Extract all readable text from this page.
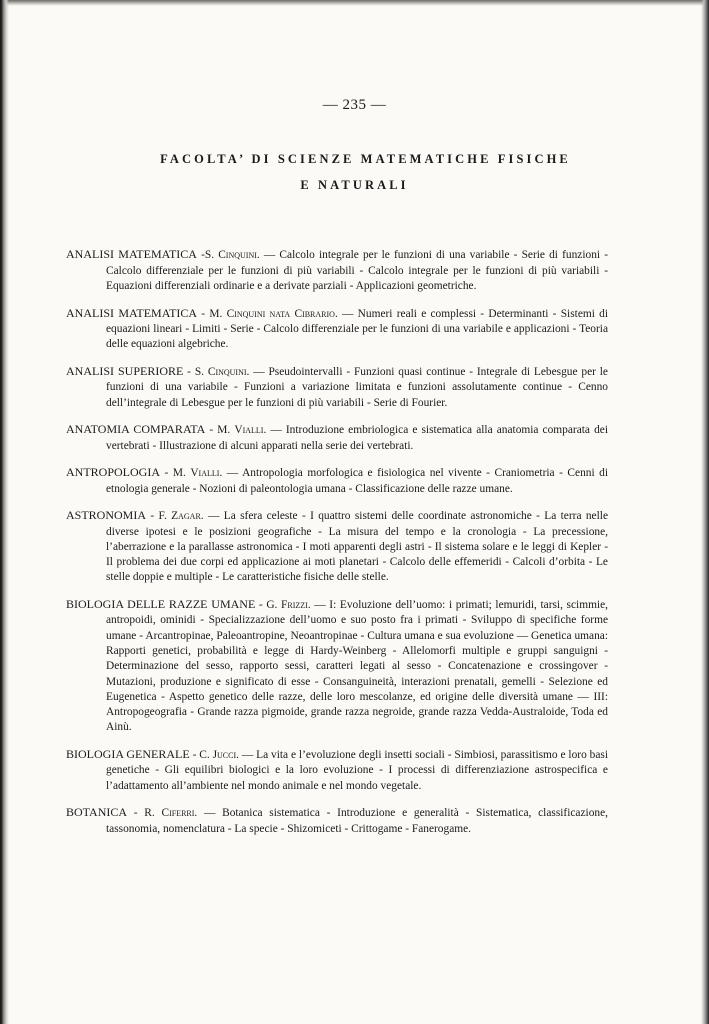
— 235 —
FACOLTA’ DI SCIENZE MATEMATICHE FISICHE
E NATURALI

ANALISI MATEMATICA -S. Cinquini. — Calcolo integrale per le funzioni di una variabile - Serie di funzioni - Calcolo differenziale per le funzioni di più variabili - Calcolo integrale per le funzioni di più variabili - Equazioni differenziali ordinarie e a derivate parziali - Applicazioni geometriche.

ANALISI MATEMATICA - M. Cinquini nata Cibrario. — Numeri reali e complessi - Determinanti - Sistemi di equazioni lineari - Limiti - Serie - Calcolo differenziale per le funzioni di una variabile e applicazioni - Teoria delle equazioni algebriche.

ANALISI SUPERIORE - S. Cinquini. — Pseudointervalli - Funzioni quasi continue - Integrale di Lebesgue per le funzioni di una variabile - Funzioni a variazione limitata e funzioni assolutamente continue - Cenno dell’integrale di Lebesgue per le funzioni di più variabili - Serie di Fourier.

ANATOMIA COMPARATA - M. Vialli. — Introduzione embriologica e sistematica alla anatomia comparata dei vertebrati - Illustrazione di alcuni apparati nella serie dei vertebrati.

ANTROPOLOGIA - M. Vialli. — Antropologia morfologica e fisiologica nel vivente - Craniometria - Cenni di etnologia generale - Nozioni di paleontologia umana - Classificazione delle razze umane.

ASTRONOMIA - F. Zagar. — La sfera celeste - I quattro sistemi delle coordinate astronomiche - La terra nelle diverse ipotesi e le posizioni geografiche - La misura del tempo e la cronologia - La precessione, l’aberrazione e la parallasse astronomica - I moti apparenti degli astri - Il sistema solare e le leggi di Kepler - Il problema dei due corpi ed applicazione ai moti planetari - Calcolo delle effemeridi - Calcoli d’orbita - Le stelle doppie e multiple - Le caratteristiche fisiche delle stelle.

BIOLOGIA DELLE RAZZE UMANE - G. Frizzi. — I: Evoluzione dell’uomo: i primati; lemuridi, tarsi, scimmie, antropoidi, ominidi - Specializzazione dell’uomo e suo posto fra i primati - Sviluppo di specifiche forme umane - Arcantropinae, Paleoantropine, Neoantropinae - Cultura umana e sua evoluzione — Genetica umana: Rapporti genetici, probabilità e legge di Hardy-Weinberg - Allelomorfi multiple e gruppi sanguigni - Determinazione del sesso, rapporto sessi, caratteri legati al sesso - Concatenazione e crossingover - Mutazioni, produzione e significato di esse - Consanguineità, interazioni prenatali, gemelli - Selezione ed Eugenetica - Aspetto genetico delle razze, delle loro mescolanze, ed origine delle diversità umane — III: Antropogeografia - Grande razza pigmoide, grande razza negroide, grande razza Vedda-Australoide, Toda ed Ainù.

BIOLOGIA GENERALE - C. Jucci. — La vita e l’evoluzione degli insetti sociali - Simbiosi, parassitismo e loro basi genetiche - Gli equilibri biologici e la loro evoluzione - I processi di differenziazione astrospecifica e l’adattamento all’ambiente nel mondo animale e nel mondo vegetale.

BOTANICA - R. Ciferri. — Botanica sistematica - Introduzione e generalità - Sistematica, classificazione, tassonomia, nomenclatura - La specie - Shizomiceti - Crittogame - Fanerogame.
